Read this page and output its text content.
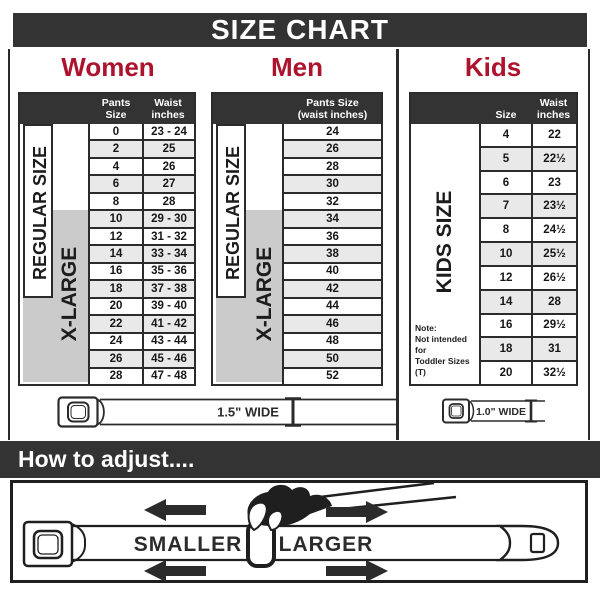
SIZE CHART
Women	Men	Kids
Pants Size
Waist
inches
X-LARGE
REGULAR SIZE
0	23 - 24
2	25
4	26
6	27
8	28
10	29 - 30
12	31 - 32
14	33 - 34
16	35 - 36
18	37 - 38
20	39 - 40
22	41 - 42
24	43 - 44
26	45 - 46
28	47 - 48
Pants Size
(waist inches)
X-LARGE
REGULAR SIZE
24
26
28
30
32
34
36
38
40
42
44
46
48
50
52
Size
Waist
inches
KIDS SIZE
Note:
Not intended for
Toddler Sizes (T)
4	22
5	22½
6	23
7	23½
8	24½
10	25½
12	26½
14	28
16	29½
18	31
20	32½
1.5" WIDE	1.0" WIDE
How to adjust....
SMALLER LARGER
